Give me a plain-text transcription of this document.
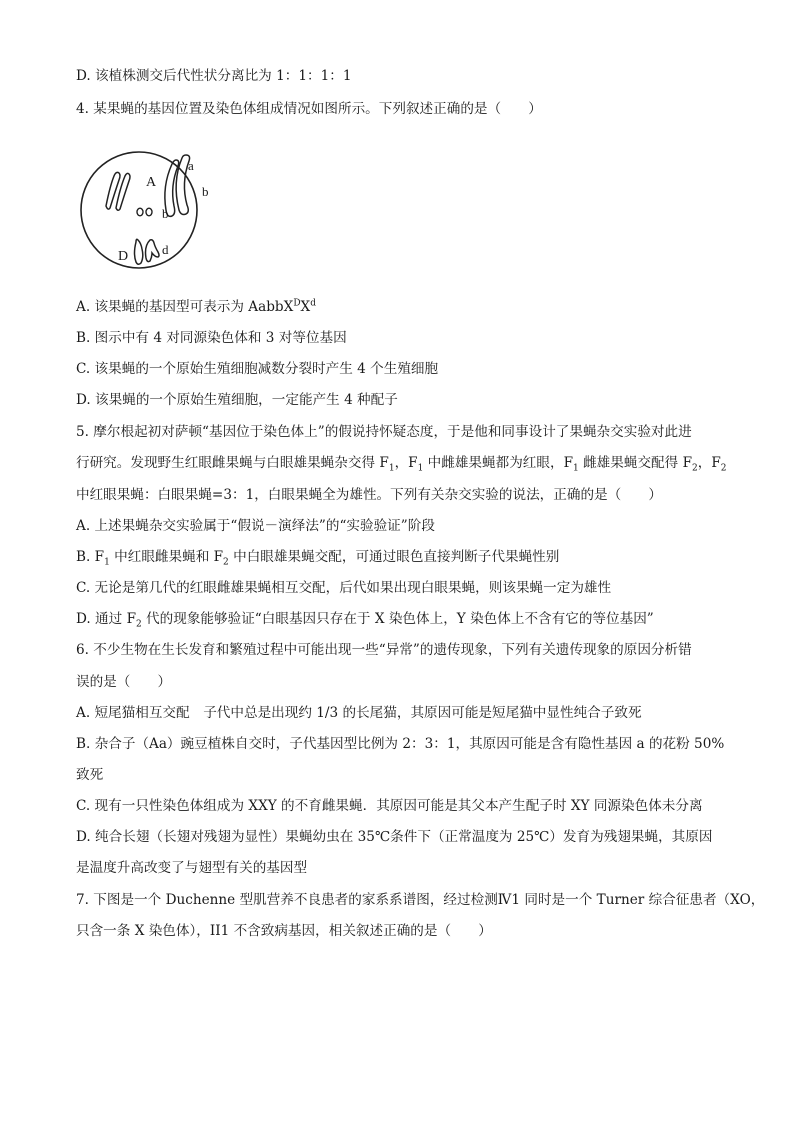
D. 该植株测交后代性状分离比为 1：1：1：1
4. 某果蝇的基因位置及染色体组成情况如图所示。下列叙述正确的是（　　）
A
a
b
b
D	d
A. 该果蝇的基因型可表示为 $AabbX^DX^d$
B. 图示中有 4 对同源染色体和 3 对等位基因
C. 该果蝇的一个原始生殖细胞减数分裂时产生 4 个生殖细胞
D. 该果蝇的一个原始生殖细胞，一定能产生 4 种配子
5. 摩尔根起初对萨顿“基因位于染色体上”的假说持怀疑态度，于是他和同事设计了果蝇杂交实验对此进
行研究。发现野生红眼雌果蝇与白眼雄果蝇杂交得 $F_1$，$F_1$ 中雌雄果蝇都为红眼，$F_1$ 雌雄果蝇交配得 $F_2$，$F_2$
中红眼果蝇：白眼果蝇=3：1，白眼果蝇全为雄性。下列有关杂交实验的说法，正确的是（　　）
A. 上述果蝇杂交实验属于“假说－演绎法”的“实验验证”阶段
B. $F_1$ 中红眼雌果蝇和 $F_2$ 中白眼雄果蝇交配，可通过眼色直接判断子代果蝇性别
C. 无论是第几代的红眼雌雄果蝇相互交配，后代如果出现白眼果蝇，则该果蝇一定为雄性
D. 通过 $F_2$ 代的现象能够验证“白眼基因只存在于 X 染色体上，Y 染色体上不含有它的等位基因”
6. 不少生物在生长发育和繁殖过程中可能出现一些“异常”的遗传现象，下列有关遗传现象的原因分析错
误的是（　　）
A. 短尾猫相互交配　子代中总是出现约 1/3 的长尾猫，其原因可能是短尾猫中显性纯合子致死
B. 杂合子（Aa）豌豆植株自交时，子代基因型比例为 2：3：1，其原因可能是含有隐性基因 a 的花粉 50%
致死
C. 现有一只性染色体组成为 XXY 的不育雌果蝇．其原因可能是其父本产生配子时 XY 同源染色体未分离
D. 纯合长翅（长翅对残翅为显性）果蝇幼虫在 35℃条件下（正常温度为 25℃）发育为残翅果蝇，其原因
是温度升高改变了与翅型有关的基因型
7. 下图是一个 Duchenne 型肌营养不良患者的家系系谱图，经过检测Ⅳ1 同时是一个 Turner 综合征患者（XO，
只含一条 X 染色体），II1 不含致病基因，相关叙述正确的是（　　）
